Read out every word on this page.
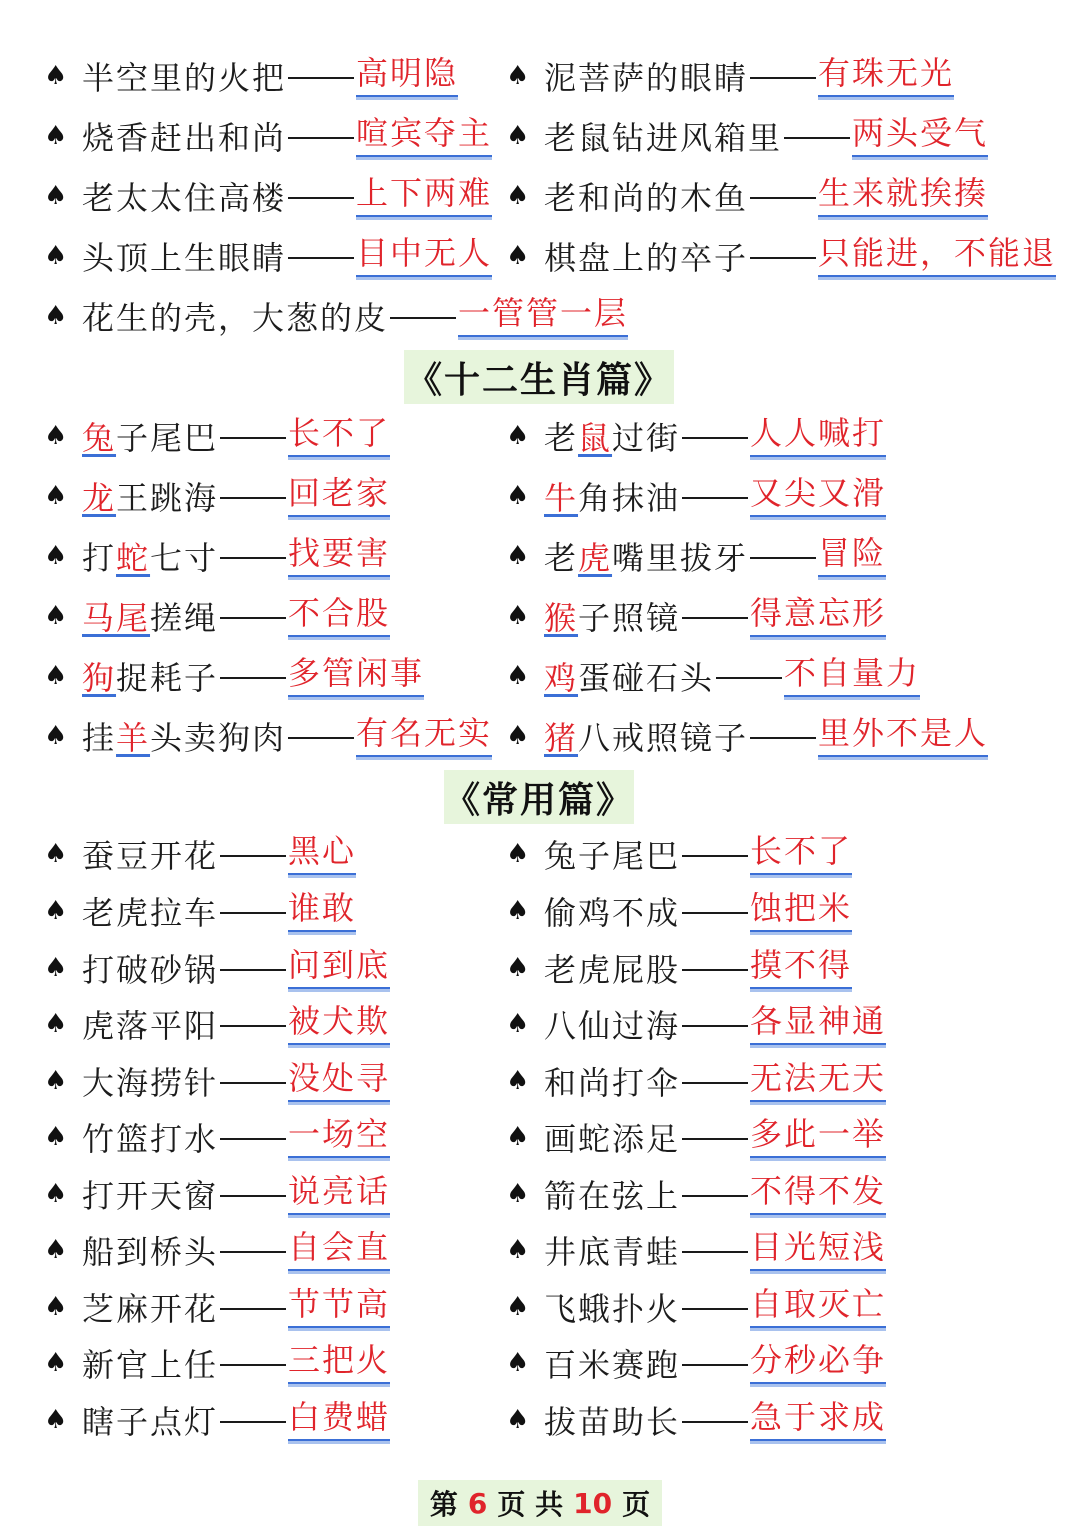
♠ 半空里的火把 高明隐 ♠ 泥菩萨的眼睛 有珠无光
♠ 烧香赶出和尚 喧宾夺主 ♠ 老鼠钻进风箱里 两头受气
♠ 老太太住高楼 上下两难 ♠ 老和尚的木鱼 生来就挨揍
♠ 头顶上生眼睛 目中无人 ♠ 棋盘上的卒子 只能进，不能退
♠ 花生的壳，大葱的皮 一管管一层
《十二生肖篇》
♠ 兔子尾巴 长不了	♠ 老鼠过街 人人喊打
♠ 龙王跳海 回老家	♠ 牛角抹油 又尖又滑
♠ 打蛇七寸 找要害	♠ 老虎嘴里拔牙 冒险
♠ 马尾搓绳 不合股	♠ 猴子照镜 得意忘形
♠ 狗捉耗子 多管闲事	♠ 鸡蛋碰石头 不自量力
♠ 挂羊头卖狗肉 有名无实 ♠ 猪八戒照镜子 里外不是人
《常用篇》
♠ 蚕豆开花 黑心	♠ 兔子尾巴 长不了
♠ 老虎拉车 谁敢	♠ 偷鸡不成 蚀把米
♠ 打破砂锅 问到底	♠ 老虎屁股 摸不得
♠ 虎落平阳 被犬欺	♠ 八仙过海 各显神通
♠ 大海捞针 没处寻	♠ 和尚打伞 无法无天
♠ 竹篮打水 一场空	♠ 画蛇添足 多此一举
♠ 打开天窗 说亮话	♠ 箭在弦上 不得不发
♠ 船到桥头 自会直	♠ 井底青蛙 目光短浅
♠ 芝麻开花 节节高	♠ 飞蛾扑火 自取灭亡
♠ 新官上任 三把火	♠ 百米赛跑 分秒必争
♠ 瞎子点灯 白费蜡	♠ 拔苗助长 急于求成
第 6 页 共 10 页
